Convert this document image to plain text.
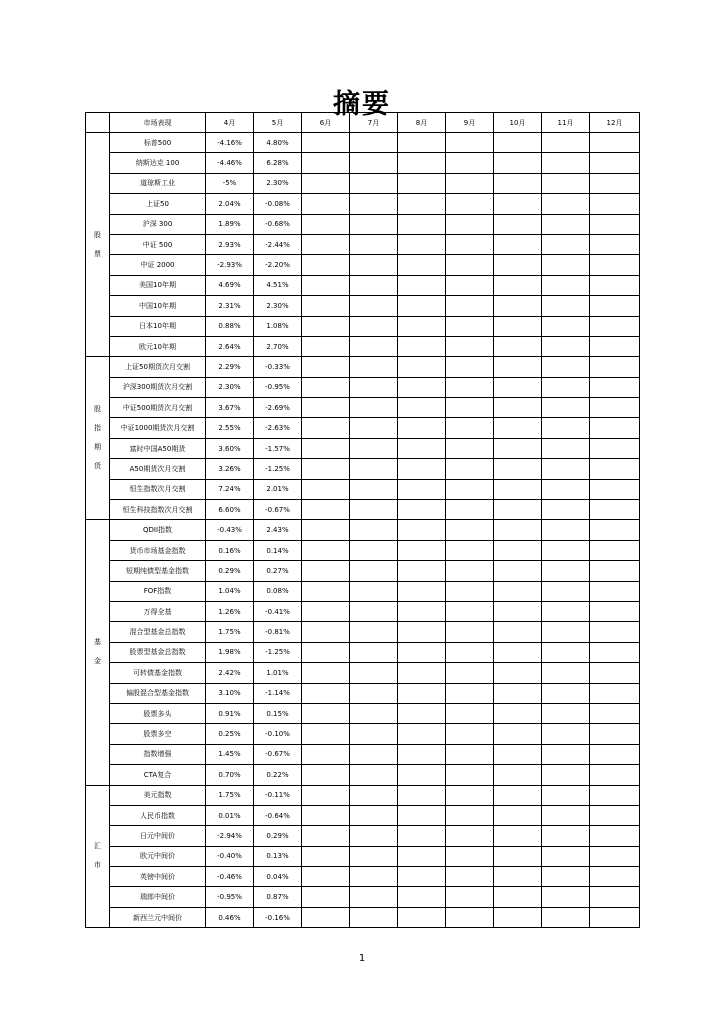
摘要
	市场表现	4月	5月	6月	7月	8月	9月	10月	11月	12月

股
票	标普500	-4.16%	4.80%							
	纳斯达克 100	-4.46%	6.28%							
	道琼斯工业	-5%	2.30%							
	上证50	2.04%	-0.08%							
	沪深 300	1.89%	-0.68%							
	中证 500	2.93%	-2.44%							
	中证 2000	-2.93%	-2.20%							
	美国10年期	4.69%	4.51%							
	中国10年期	2.31%	2.30%							
	日本10年期	0.88%	1.08%							
	欧元10年期	2.64%	2.70%							

股
指
期
货	上证50期货次月交割	2.29%	-0.33%							
	沪深300期货次月交割	2.30%	-0.95%							
	中证500期货次月交割	3.67%	-2.69%							
	中证1000期货次月交割	2.55%	-2.63%							
	富时中国A50期货	3.60%	-1.57%							
	A50期货次月交割	3.26%	-1.25%							
	恒生指数次月交割	7.24%	2.01%							
	恒生科技指数次月交割	6.60%	-0.67%							

基
金	QDII指数	-0.43%	2.43%							
	货币市场基金指数	0.16%	0.14%							
	短期纯债型基金指数	0.29%	0.27%							
	FOF指数	1.04%	0.08%							
	万得全基	1.26%	-0.41%							
	混合型基金总指数	1.75%	-0.81%							
	股票型基金总指数	1.98%	-1.25%							
	可转债基金指数	2.42%	1.01%							
	偏股混合型基金指数	3.10%	-1.14%							
	股票多头	0.91%	0.15%							
	股票多空	0.25%	-0.10%							
	指数增强	1.45%	-0.67%							
	CTA复合	0.70%	0.22%							

汇
市	美元指数	1.75%	-0.11%							
	人民币指数	0.01%	-0.64%							
	日元中间价	-2.94%	0.29%							
	欧元中间价	-0.40%	0.13%							
	英镑中间价	-0.46%	0.04%							
	瑞郎中间价	-0.95%	0.87%							
	新西兰元中间价	0.46%	-0.16%							
1
